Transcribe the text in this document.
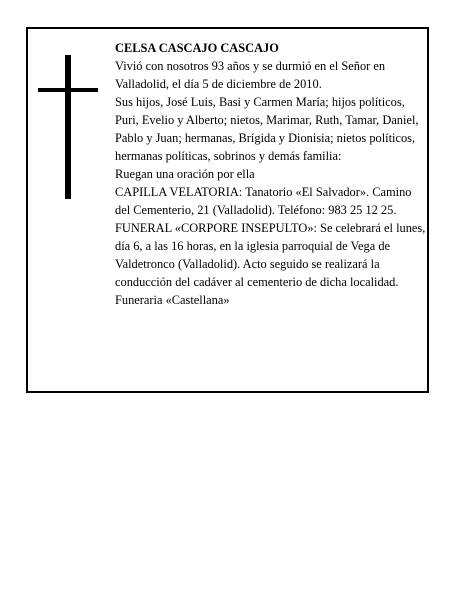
CELSA CASCAJO CASCAJO

Vivió con nosotros 93 años y se durmió en el Señor en Valladolid, el día 5 de diciembre de 2010.

Sus hijos, José Luis, Basi y Carmen María; hijos políticos, Puri, Evelio y Alberto; nietos, Marimar, Ruth, Tamar, Daniel, Pablo y Juan; hermanas, Brígida y Dionisia; nietos políticos, hermanas políticas, sobrinos y demás familia:

Ruegan una oración por ella

CAPILLA VELATORIA: Tanatorio «El Salvador». Camino del Cementerio, 21 (Valladolid). Teléfono: 983 25 12 25.

FUNERAL «CORPORE INSEPULTO»: Se celebrará el lunes, día 6, a las 16 horas, en la iglesia parroquial de Vega de Valdetronco (Valladolid). Acto seguido se realizará la conducción del cadáver al cementerio de dicha localidad.

Funeraria «Castellana»
